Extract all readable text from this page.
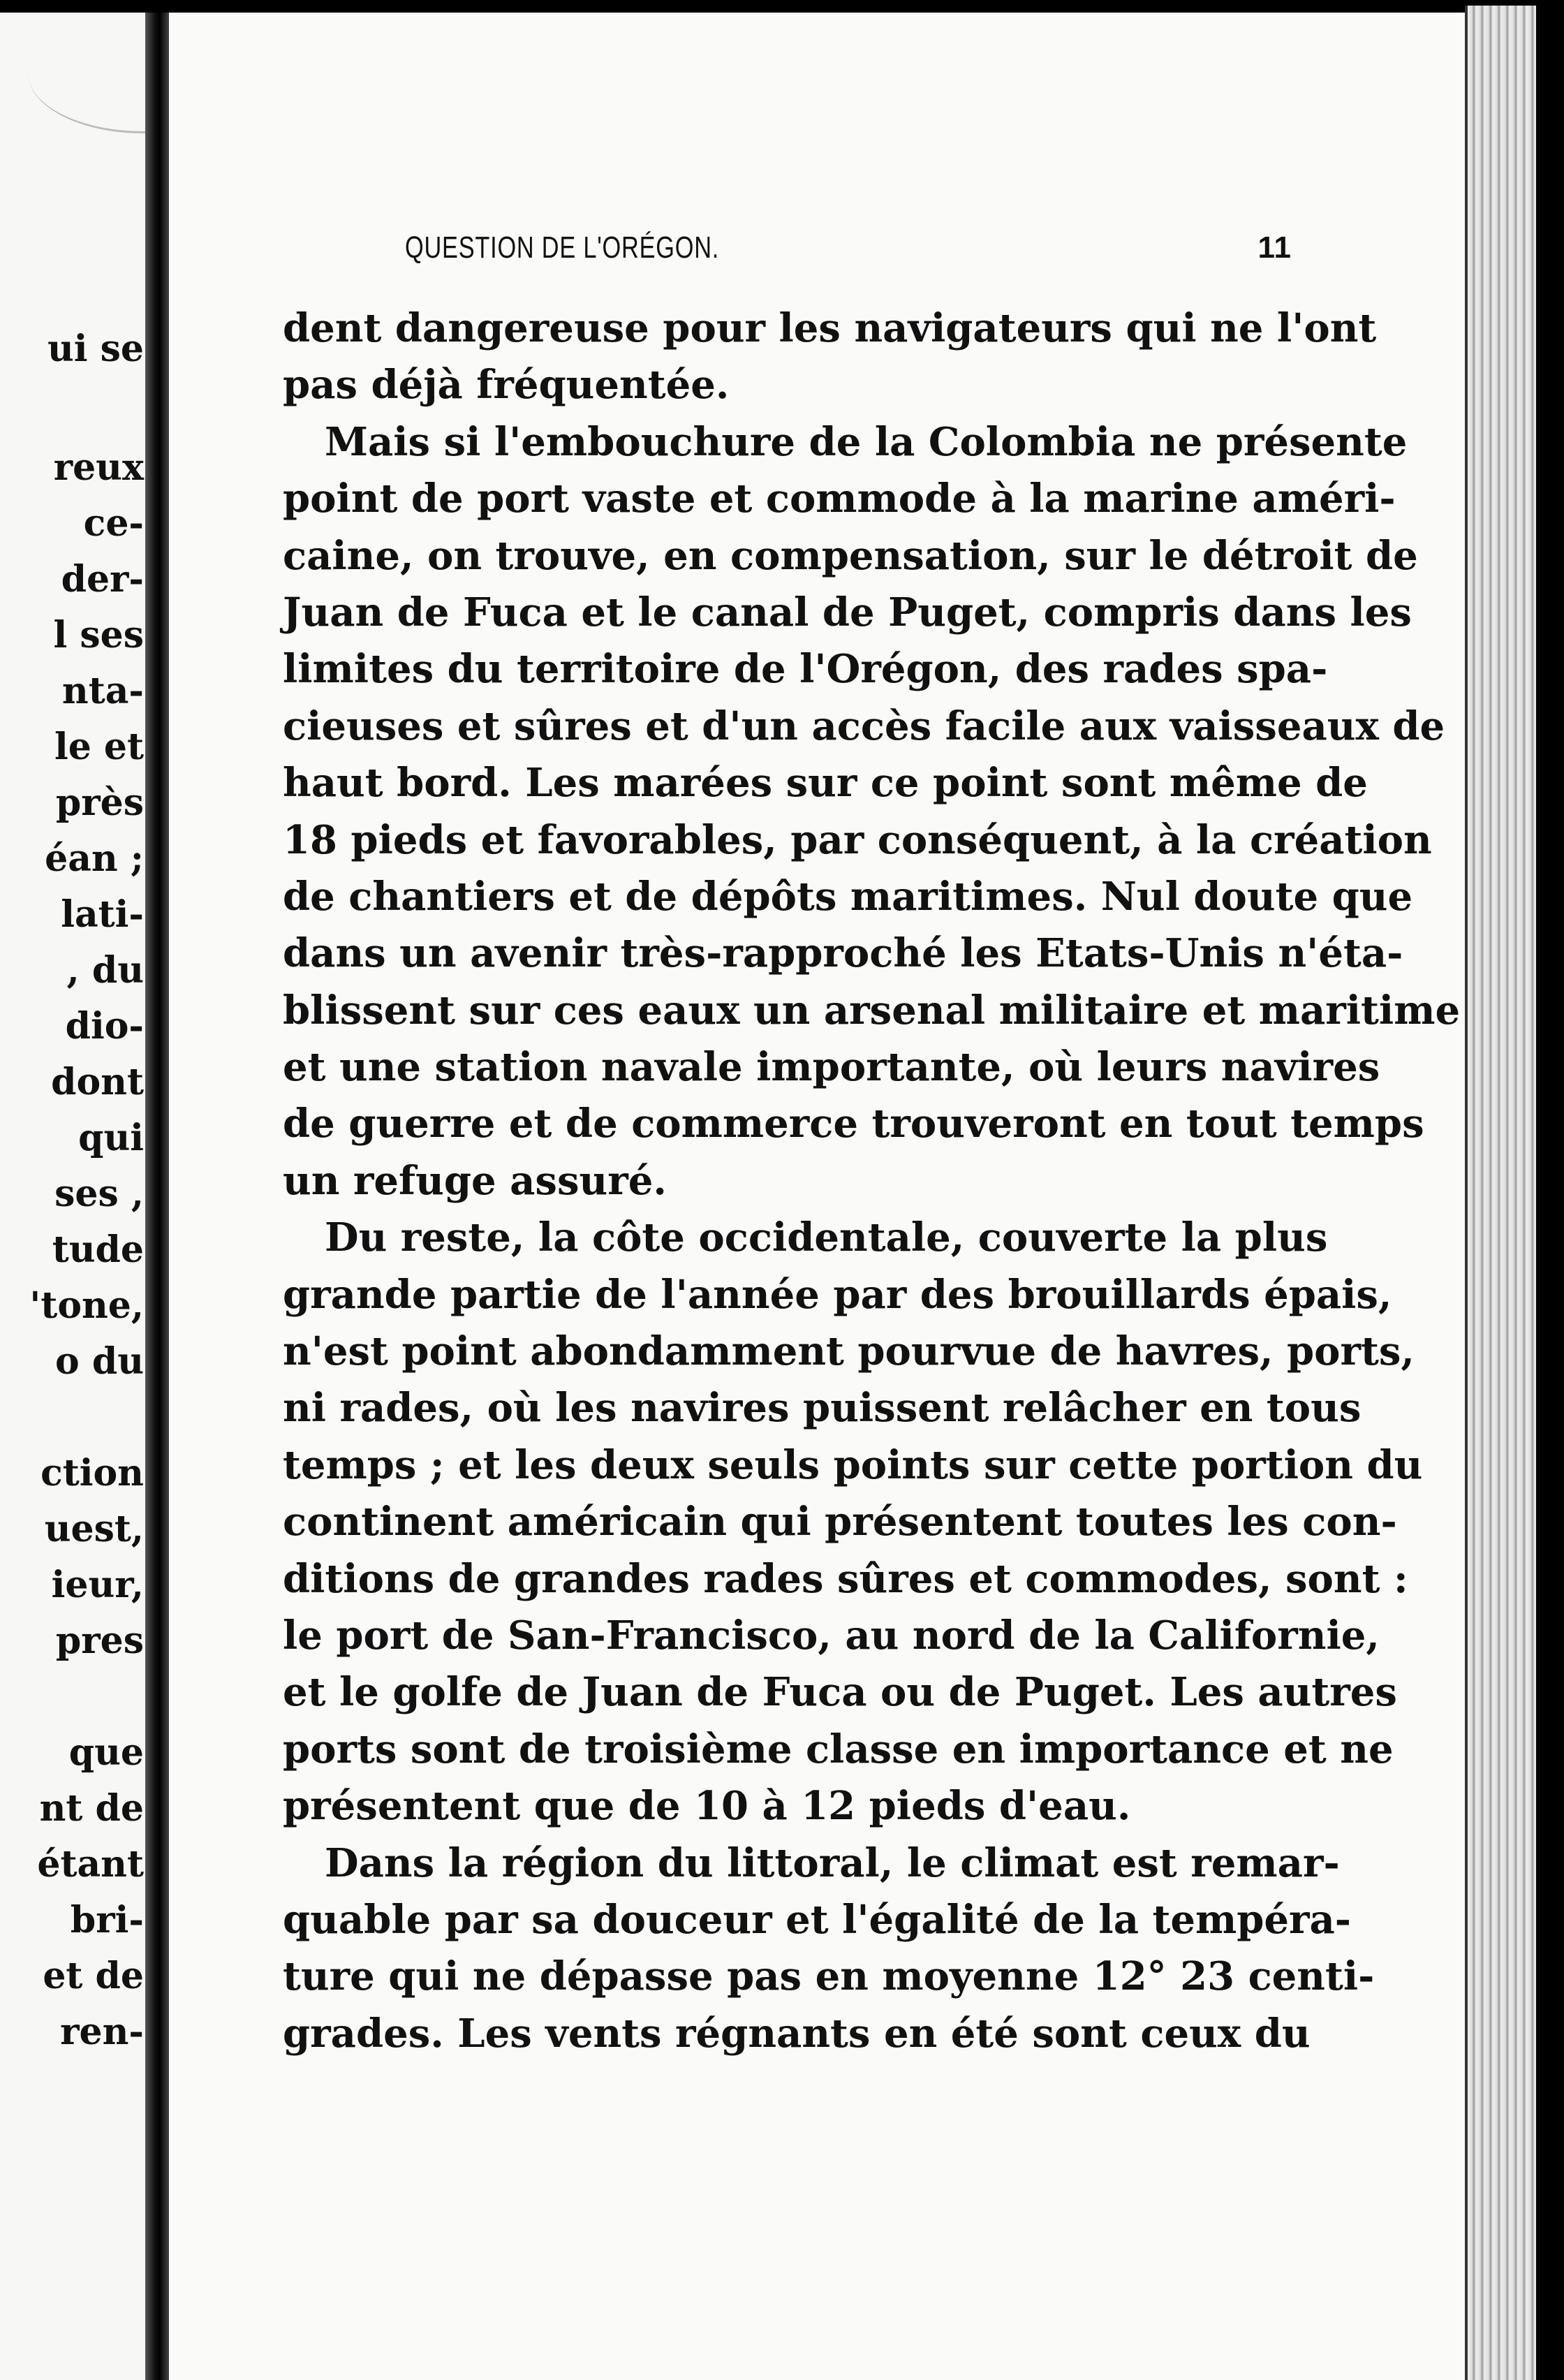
ui se
reux
ce-
der-
l ses
nta-
le et
près
éan ;
lati-
, du
dio-
dont
qui
ses ,
tude
'tone,
o du
ction
uest,
ieur,
pres
que
nt de
étant
bri-
et de
ren-
QUESTION DE L'ORÉGON.	11
dent dangereuse pour les navigateurs qui ne l'ont
pas déjà fréquentée.
Mais si l'embouchure de la Colombia ne présente
point de port vaste et commode à la marine améri-
caine, on trouve, en compensation, sur le détroit de
Juan de Fuca et le canal de Puget, compris dans les
limites du territoire de l'Orégon, des rades spa-
cieuses et sûres et d'un accès facile aux vaisseaux de
haut bord. Les marées sur ce point sont même de
18 pieds et favorables, par conséquent, à la création
de chantiers et de dépôts maritimes. Nul doute que
dans un avenir très-rapproché les Etats-Unis n'éta-
blissent sur ces eaux un arsenal militaire et maritime
et une station navale importante, où leurs navires
de guerre et de commerce trouveront en tout temps
un refuge assuré.
Du reste, la côte occidentale, couverte la plus
grande partie de l'année par des brouillards épais,
n'est point abondamment pourvue de havres, ports,
ni rades, où les navires puissent relâcher en tous
temps ; et les deux seuls points sur cette portion du
continent américain qui présentent toutes les con-
ditions de grandes rades sûres et commodes, sont :
le port de San-Francisco, au nord de la Californie,
et le golfe de Juan de Fuca ou de Puget. Les autres
ports sont de troisième classe en importance et ne
présentent que de 10 à 12 pieds d'eau.
Dans la région du littoral, le climat est remar-
quable par sa douceur et l'égalité de la tempéra-
ture qui ne dépasse pas en moyenne 12° 23 centi-
grades. Les vents régnants en été sont ceux du
